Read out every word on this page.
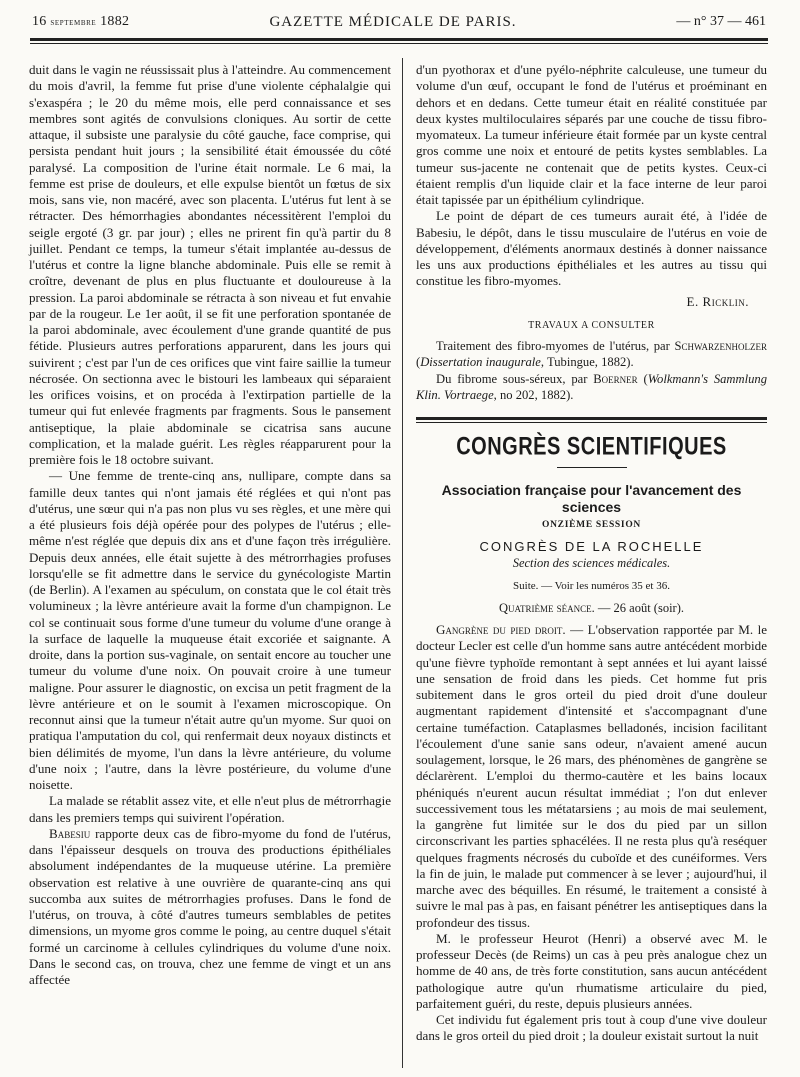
16 septembre 1882	GAZETTE MÉDICALE DE PARIS.	— n° 37 — 461

duit dans le vagin ne réussissait plus à l'atteindre. Au commencement du mois d'avril, la femme fut prise d'une violente céphalalgie qui s'exaspéra ; le 20 du même mois, elle perd connaissance et ses membres sont agités de convulsions cloniques. Au sortir de cette attaque, il subsiste une paralysie du côté gauche, face comprise, qui persista pendant huit jours ; la sensibilité était émoussée du côté paralysé. La composition de l'urine était normale. Le 6 mai, la femme est prise de douleurs, et elle expulse bientôt un fœtus de six mois, sans vie, non macéré, avec son placenta. L'utérus fut lent à se rétracter. Des hémorrhagies abondantes nécessitèrent l'emploi du seigle ergoté (3 gr. par jour) ; elles ne prirent fin qu'à partir du 8 juillet. Pendant ce temps, la tumeur s'était implantée au-dessus de l'utérus et contre la ligne blanche abdominale. Puis elle se remit à croître, devenant de plus en plus fluctuante et douloureuse à la pression. La paroi abdominale se rétracta à son niveau et fut envahie par de la rougeur. Le 1er août, il se fit une perforation spontanée de la paroi abdominale, avec écoulement d'une grande quantité de pus fétide. Plusieurs autres perforations apparurent, dans les jours qui suivirent ; c'est par l'un de ces orifices que vint faire saillie la tumeur nécrosée. On sectionna avec le bistouri les lambeaux qui séparaient les orifices voisins, et on procéda à l'extirpation partielle de la tumeur qui fut enlevée fragments par fragments. Sous le pansement antiseptique, la plaie abdominale se cicatrisa sans aucune complication, et la malade guérit. Les règles réapparurent pour la première fois le 18 octobre suivant.

— Une femme de trente-cinq ans, nullipare, compte dans sa famille deux tantes qui n'ont jamais été réglées et qui n'ont pas d'utérus, une sœur qui n'a pas non plus vu ses règles, et une mère qui a été plusieurs fois déjà opérée pour des polypes de l'utérus ; elle-même n'est réglée que depuis dix ans et d'une façon très irrégulière. Depuis deux années, elle était sujette à des métrorrhagies profuses lorsqu'elle se fit admettre dans le service du gynécologiste Martin (de Berlin). A l'examen au spéculum, on constata que le col était très volumineux ; la lèvre antérieure avait la forme d'un champignon. Le col se continuait sous forme d'une tumeur du volume d'une orange à la surface de laquelle la muqueuse était excoriée et saignante. A droite, dans la portion sus-vaginale, on sentait encore au toucher une tumeur du volume d'une noix. On pouvait croire à une tumeur maligne. Pour assurer le diagnostic, on excisa un petit fragment de la lèvre antérieure et on le soumit à l'examen microscopique. On reconnut ainsi que la tumeur n'était autre qu'un myome. Sur quoi on pratiqua l'amputation du col, qui renfermait deux noyaux distincts et bien délimités de myome, l'un dans la lèvre antérieure, du volume d'une noix ; l'autre, dans la lèvre postérieure, du volume d'une noisette.

La malade se rétablit assez vite, et elle n'eut plus de métrorrhagie dans les premiers temps qui suivirent l'opération.

Babesiu rapporte deux cas de fibro-myome du fond de l'utérus, dans l'épaisseur desquels on trouva des productions épithéliales absolument indépendantes de la muqueuse utérine. La première observation est relative à une ouvrière de quarante-cinq ans qui succomba aux suites de métrorrhagies profuses. Dans le fond de l'utérus, on trouva, à côté d'autres tumeurs semblables de petites dimensions, un myome gros comme le poing, au centre duquel s'était formé un carcinome à cellules cylindriques du volume d'une noix. Dans le second cas, on trouva, chez une femme de vingt et un ans affectée

d'un pyothorax et d'une pyélo-néphrite calculeuse, une tumeur du volume d'un œuf, occupant le fond de l'utérus et proéminant en dehors et en dedans. Cette tumeur était en réalité constituée par deux kystes multiloculaires séparés par une couche de tissu fibro-myomateux. La tumeur inférieure était formée par un kyste central gros comme une noix et entouré de petits kystes semblables. La tumeur sus-jacente ne contenait que de petits kystes. Ceux-ci étaient remplis d'un liquide clair et la face interne de leur paroi était tapissée par un épithélium cylindrique.

Le point de départ de ces tumeurs aurait été, à l'idée de Babesiu, le dépôt, dans le tissu musculaire de l'utérus en voie de développement, d'éléments anormaux destinés à donner naissance les uns aux productions épithéliales et les autres au tissu qui constitue les fibro-myomes.

E. Ricklin.

TRAVAUX A CONSULTER

Traitement des fibro-myomes de l'utérus, par Schwarzenholzer (Dissertation inaugurale, Tubingue, 1882).

Du fibrome sous-séreux, par Boerner (Wolkmann's Sammlung Klin. Vortraege, no 202, 1882).

CONGRÈS SCIENTIFIQUES

Association française pour l'avancement des sciences

ONZIÈME SESSION

CONGRÈS DE LA ROCHELLE

Section des sciences médicales.

Suite. — Voir les numéros 35 et 36.

Quatrième séance. — 26 août (soir).

Gangrène du pied droit. — L'observation rapportée par M. le docteur Lecler est celle d'un homme sans autre antécédent morbide qu'une fièvre typhoïde remontant à sept années et lui ayant laissé une sensation de froid dans les pieds. Cet homme fut pris subitement dans le gros orteil du pied droit d'une douleur augmentant rapidement d'intensité et s'accompagnant d'une certaine tuméfaction. Cataplasmes belladonés, incision facilitant l'écoulement d'une sanie sans odeur, n'avaient amené aucun soulagement, lorsque, le 26 mars, des phénomènes de gangrène se déclarèrent. L'emploi du thermo-cautère et les bains locaux phéniqués n'eurent aucun résultat immédiat ; l'on dut enlever successivement tous les métatarsiens ; au mois de mai seulement, la gangrène fut limitée sur le dos du pied par un sillon circonscrivant les parties sphacélées. Il ne resta plus qu'à reséquer quelques fragments nécrosés du cuboïde et des cunéiformes. Vers la fin de juin, le malade put commencer à se lever ; aujourd'hui, il marche avec des béquilles. En résumé, le traitement a consisté à suivre le mal pas à pas, en faisant pénétrer les antiseptiques dans la profondeur des tissus.

M. le professeur Heurot (Henri) a observé avec M. le professeur Decès (de Reims) un cas à peu près analogue chez un homme de 40 ans, de très forte constitution, sans aucun antécédent pathologique autre qu'un rhumatisme articulaire du pied, parfaitement guéri, du reste, depuis plusieurs années.

Cet individu fut également pris tout à coup d'une vive douleur dans le gros orteil du pied droit ; la douleur existait surtout la nuit
